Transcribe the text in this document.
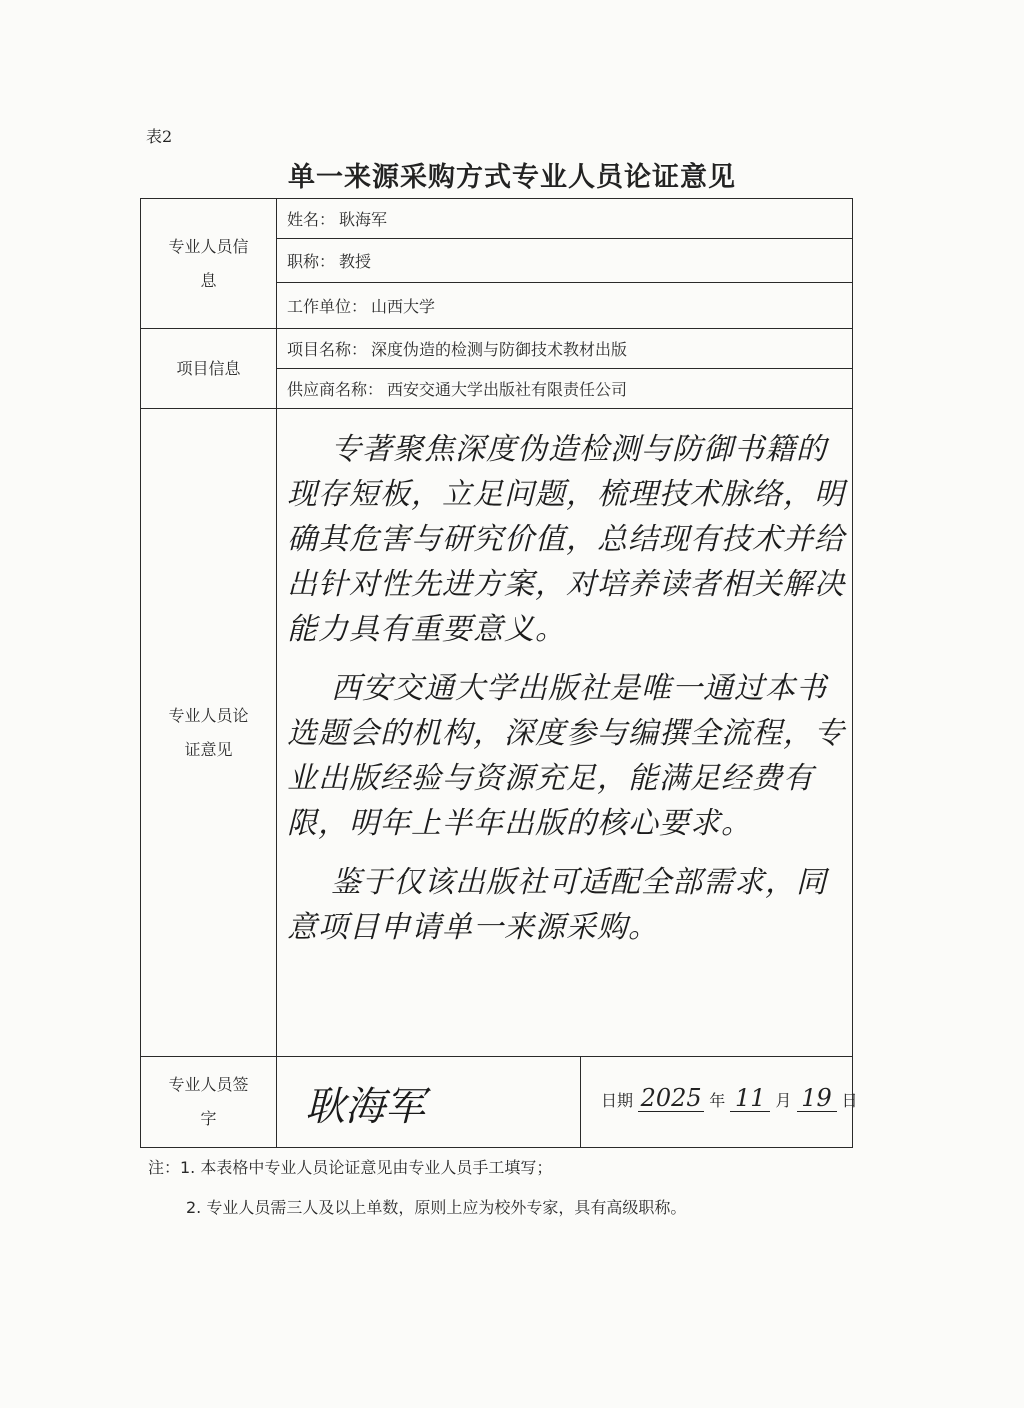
表2
单一来源采购方式专业人员论证意见
专业人员信息	姓名： 耿海军	
	职称： 教授	
	工作单位： 山西大学	
项目信息	项目名称： 深度伪造的检测与防御技术教材出版	
	供应商名称： 西安交通大学出版社有限责任公司	
专业人员论证意见	专著聚焦深度伪造检测与防御书籍的现存短板，立足问题，梳理技术脉络，明确其危害与研究价值，总结现有技术并给出针对性先进方案，对培养读者相关解决能力具有重要意义。

西安交通大学出版社是唯一通过本书选题会的机构，深度参与编撰全流程，专业出版经验与资源充足，能满足经费有限，明年上半年出版的核心要求。

鉴于仅该出版社可适配全部需求，同意项目申请单一来源采购。	

专业人员签字	耿海军	日期 2025 年 11 月 19 日
注：1. 本表格中专业人员论证意见由专业人员手工填写；
2. 专业人员需三人及以上单数，原则上应为校外专家，具有高级职称。
